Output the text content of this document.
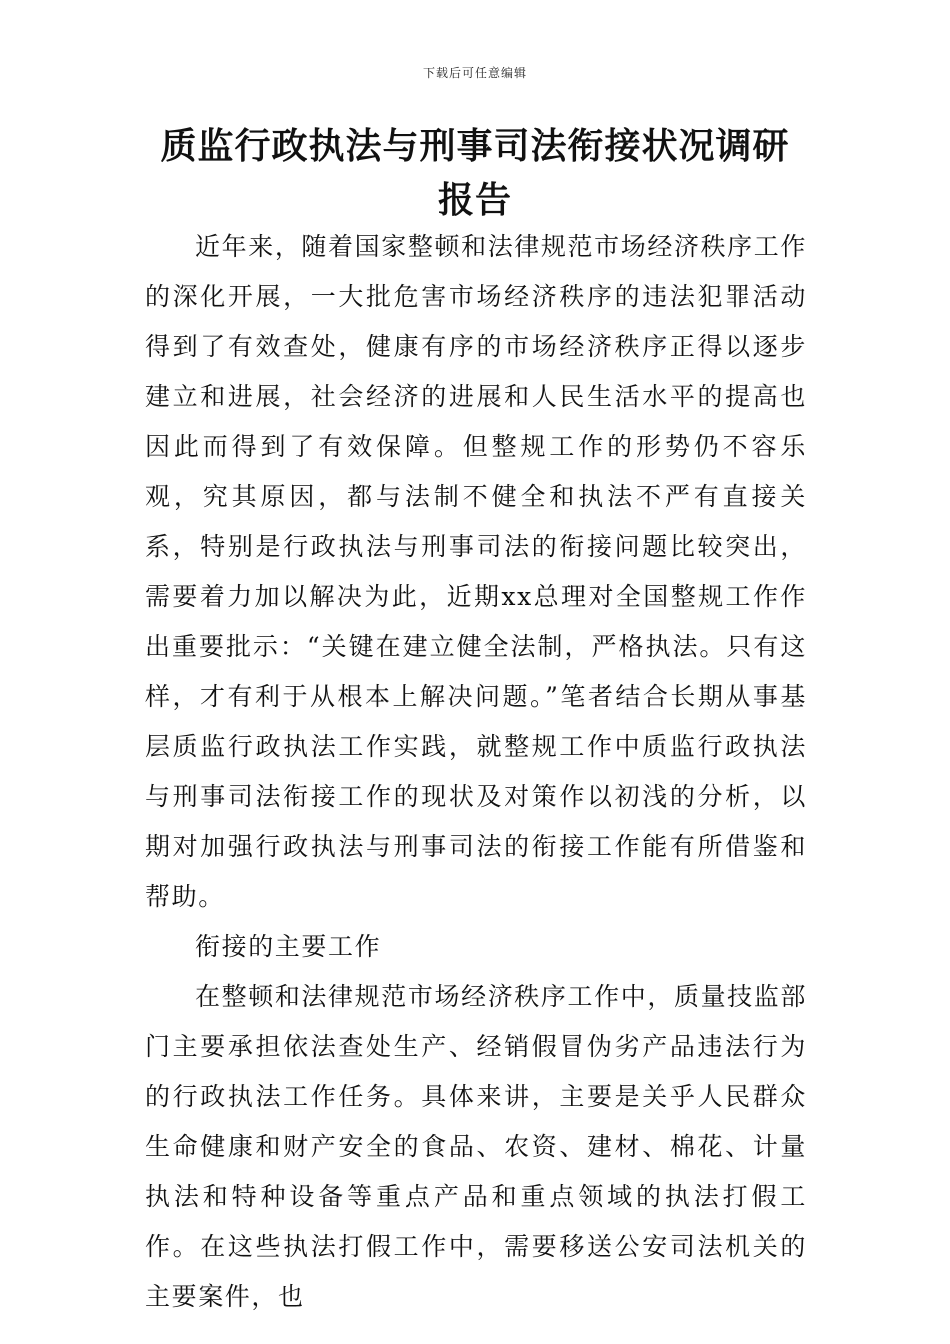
下载后可任意编辑
质监行政执法与刑事司法衔接状况调研报告

近年来，随着国家整顿和法律规范市场经济秩序工作的深化开展，一大批危害市场经济秩序的违法犯罪活动得到了有效查处，健康有序的市场经济秩序正得以逐步建立和进展，社会经济的进展和人民生活水平的提高也因此而得到了有效保障。但整规工作的形势仍不容乐观，究其原因，都与法制不健全和执法不严有直接关系，特别是行政执法与刑事司法的衔接问题比较突出，需要着力加以解决为此，近期xx总理对全国整规工作作出重要批示：“关键在建立健全法制，严格执法。只有这样，才有利于从根本上解决问题。”笔者结合长期从事基层质监行政执法工作实践，就整规工作中质监行政执法与刑事司法衔接工作的现状及对策作以初浅的分析，以期对加强行政执法与刑事司法的衔接工作能有所借鉴和帮助。

衔接的主要工作

在整顿和法律规范市场经济秩序工作中，质量技监部门主要承担依法查处生产、经销假冒伪劣产品违法行为的行政执法工作任务。具体来讲，主要是关乎人民群众生命健康和财产安全的食品、农资、建材、棉花、计量执法和特种设备等重点产品和重点领域的执法打假工作。在这些执法打假工作中，需要移送公安司法机关的主要案件，也
